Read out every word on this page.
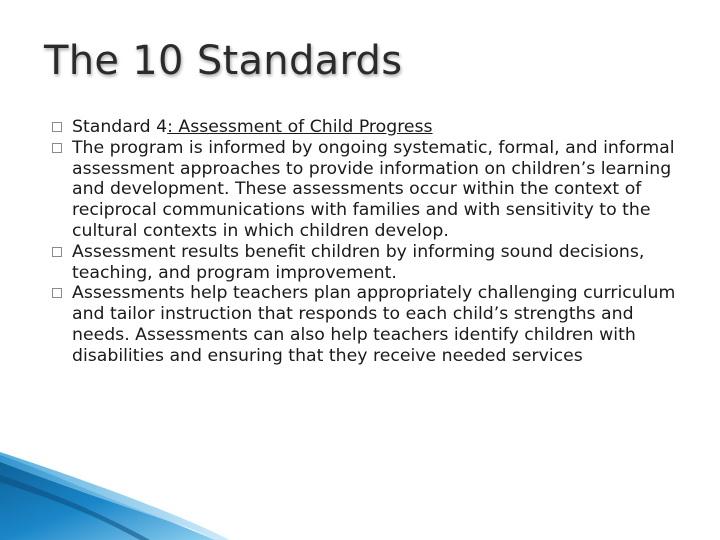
The 10 Standards

Standard 4: Assessment of Child Progress

The program is informed by ongoing systematic, formal, and informal assessment approaches to provide information on children’s learning and development. These assessments occur within the context of reciprocal communications with families and with sensitivity to the cultural contexts in which children develop.

Assessment results benefit children by informing sound decisions, teaching, and program improvement.

Assessments help teachers plan appropriately challenging curriculum and tailor instruction that responds to each child’s strengths and needs. Assessments can also help teachers identify children with disabilities and ensuring that they receive needed services
